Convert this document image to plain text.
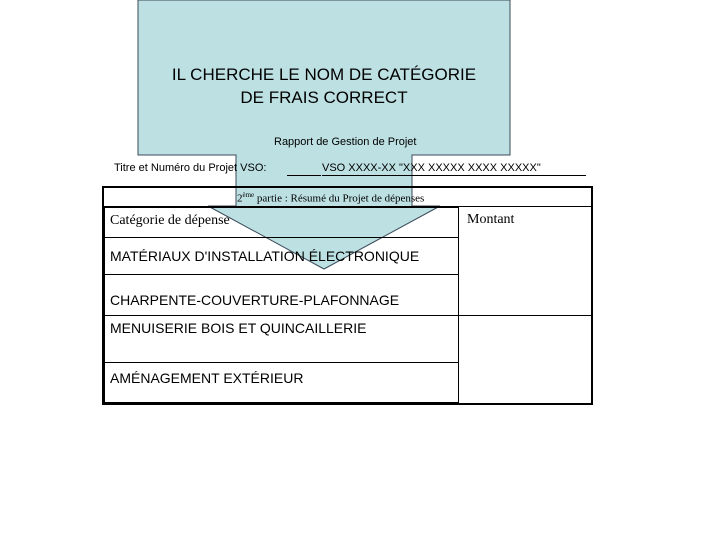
IL CHERCHE LE NOM DE CATÉGORIE
DE FRAIS CORRECT
Rapport de Gestion de Projet
Titre et Numéro du Projet VSO:	VSO XXXX-XX "XXX XXXXX XXXX XXXXX"
2ème partie : Résumé du Projet de dépenses
Catégorie de dépense	Montant
MATÉRIAUX D'INSTALLATION ÉLECTRONIQUE
CHARPENTE-COUVERTURE-PLAFONNAGE
MENUISERIE BOIS ET QUINCAILLERIE
AMÉNAGEMENT EXTÉRIEUR
